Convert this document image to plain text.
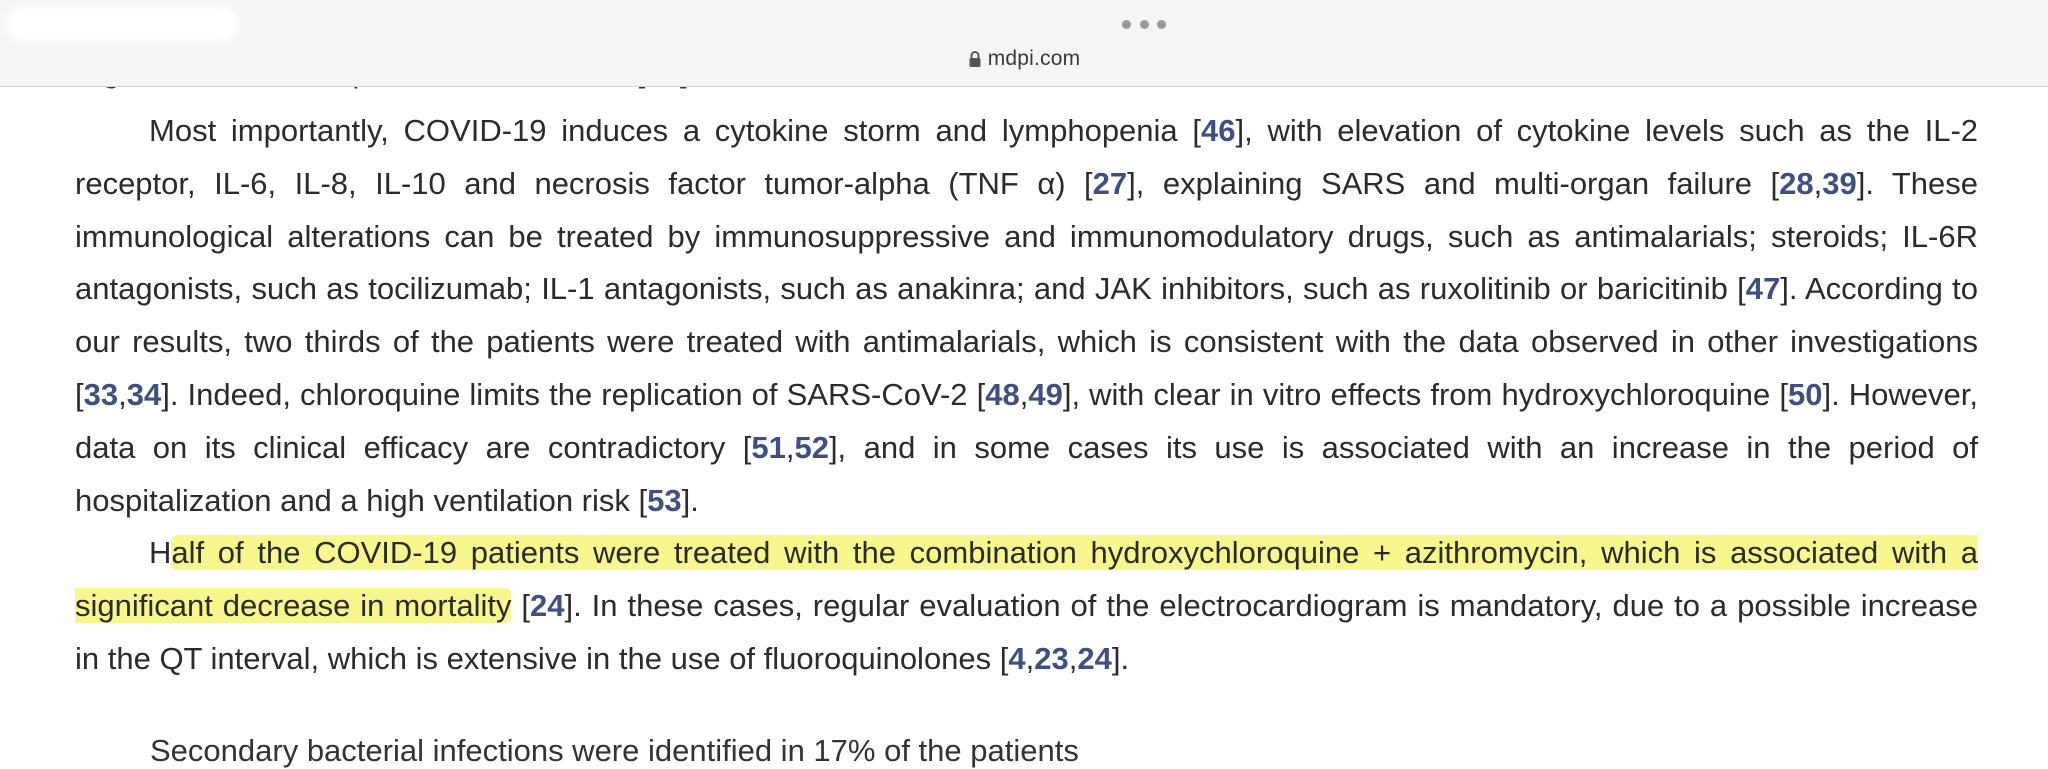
mdpi.com

Most importantly, COVID-19 induces a cytokine storm and lymphopenia [46], with elevation of cytokine levels such as the IL-2 receptor, IL-6, IL-8, IL-10 and necrosis factor tumor-alpha (TNF α) [27], explaining SARS and multi-organ failure [28,39]. These immunological alterations can be treated by immunosuppressive and immunomodulatory drugs, such as antimalarials; steroids; IL-6R antagonists, such as tocilizumab; IL-1 antagonists, such as anakinra; and JAK inhibitors, such as ruxolitinib or baricitinib [47]. According to our results, two thirds of the patients were treated with antimalarials, which is consistent with the data observed in other investigations [33,34]. Indeed, chloroquine limits the replication of SARS-CoV-2 [48,49], with clear in vitro effects from hydroxychloroquine [50]. However, data on its clinical efficacy are contradictory [51,52], and in some cases its use is associated with an increase in the period of hospitalization and a high ventilation risk [53].

Half of the COVID-19 patients were treated with the combination hydroxychloroquine + azithromycin, which is associated with a significant decrease in mortality [24]. In these cases, regular evaluation of the electrocardiogram is mandatory, due to a possible increase in the QT interval, which is extensive in the use of fluoroquinolones [4,23,24].

Secondary bacterial infections were identified in 17% of the patients
